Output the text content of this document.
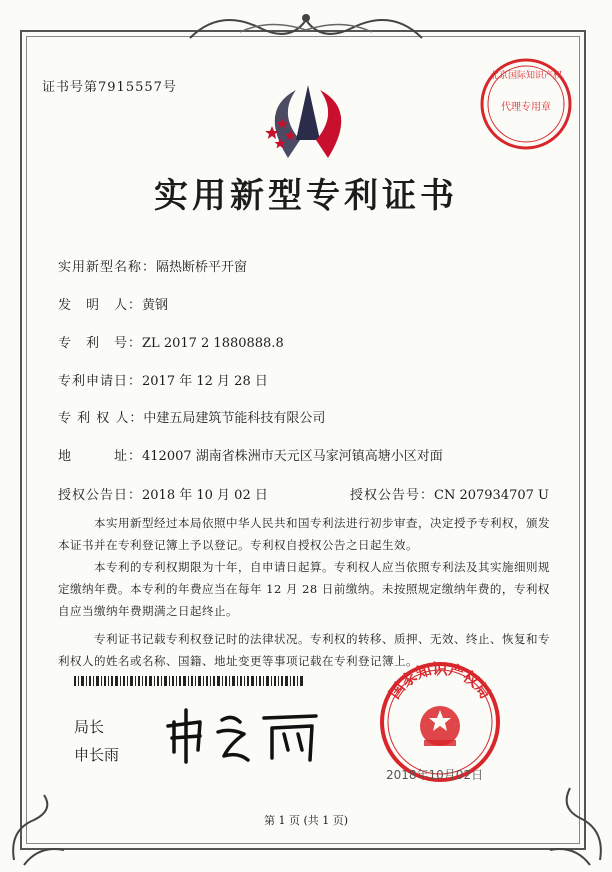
证书号第7915557号
北京国际知识产权
代理专用章
实用新型专利证书
实用新型名称：隔热断桥平开窗
发　明　人：黄钢
专　利　号：ZL 2017 2 1880888.8
专利申请日：2017 年 12 月 28 日
专 利 权 人：中建五局建筑节能科技有限公司
地　　　址：412007 湖南省株洲市天元区马家河镇高塘小区对面
授权公告日：2018 年 10 月 02 日	授权公告号：CN 207934707 U

本实用新型经过本局依照中华人民共和国专利法进行初步审查，决定授予专利权，颁发本证书并在专利登记簿上予以登记。专利权自授权公告之日起生效。

本专利的专利权期限为十年，自申请日起算。专利权人应当依照专利法及其实施细则规定缴纳年费。本专利的年费应当在每年 12 月 28 日前缴纳。未按照规定缴纳年费的，专利权自应当缴纳年费期满之日起终止。

专利证书记载专利权登记时的法律状况。专利权的转移、质押、无效、终止、恢复和专利权人的姓名或名称、国籍、地址变更等事项记载在专利登记簿上。

局长
申长雨
国家知识产权局
2018年10月02日
第 1 页 (共 1 页)
